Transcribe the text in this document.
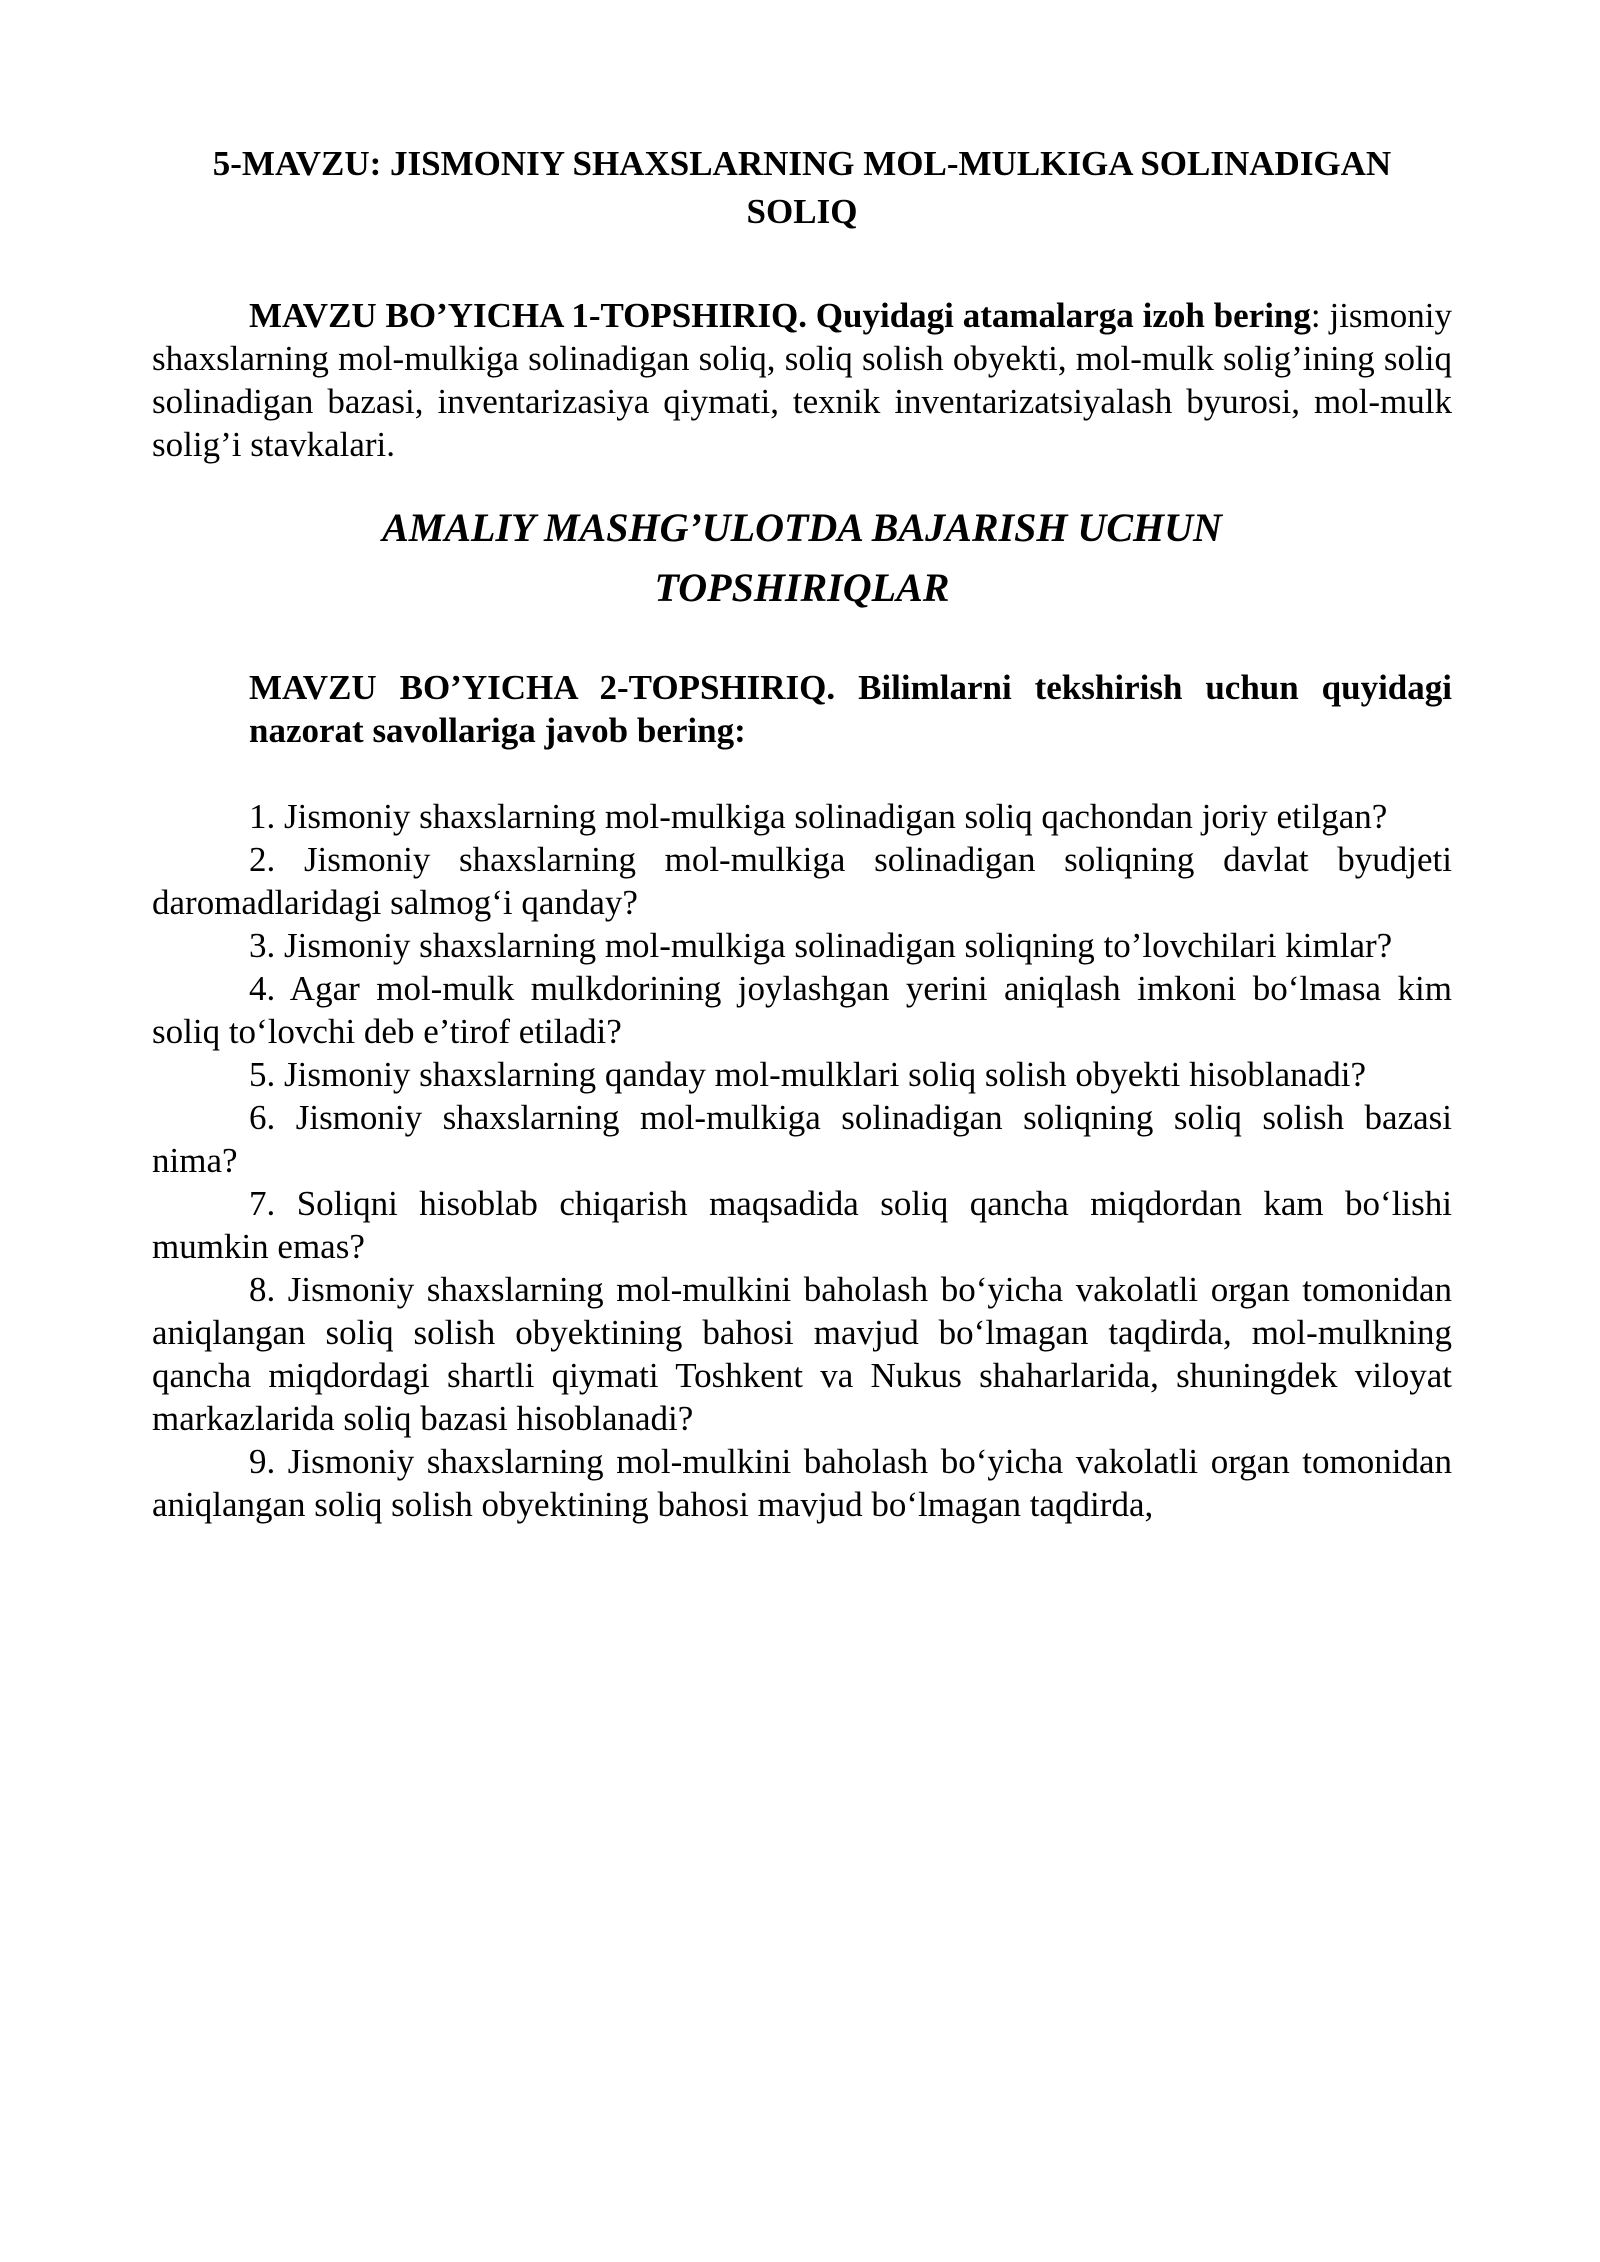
5-MAVZU: JISMONIY SHAXSLARNING MOL-MULKIGA SOLINADIGAN
SOLIQ
MAVZU BO’YICHA 1-TOPSHIRIQ. Quyidagi atamalarga izoh bering: jismoniy shaxslarning mol-mulkiga solinadigan soliq, soliq solish obyekti, mol-mulk solig’ining soliq solinadigan bazasi, inventarizasiya qiymati, texnik inventarizatsiyalash byurosi, mol-mulk solig’i stavkalari.
AMALIY MASHG’ULOTDA BAJARISH UCHUN
TOPSHIRIQLAR
MAVZU BO’YICHA 2-TOPSHIRIQ. Bilimlarni tekshirish uchun quyidagi nazorat savollariga javob bering:

1. Jismoniy shaxslarning mol-mulkiga solinadigan soliq qachondan joriy etilgan?

2. Jismoniy shaxslarning mol-mulkiga solinadigan soliqning davlat byudjeti daromadlaridagi salmog‘i qanday?

3. Jismoniy shaxslarning mol-mulkiga solinadigan soliqning to’lovchilari kimlar?

4. Agar mol-mulk mulkdorining joylashgan yerini aniqlash imkoni bo‘lmasa kim soliq to‘lovchi deb e’tirof etiladi?

5. Jismoniy shaxslarning qanday mol-mulklari soliq solish obyekti hisoblanadi?

6. Jismoniy shaxslarning mol-mulkiga solinadigan soliqning soliq solish bazasi nima?

7. Soliqni hisoblab chiqarish maqsadida soliq qancha miqdordan kam bo‘lishi mumkin emas?

8. Jismoniy shaxslarning mol-mulkini baholash bo‘yicha vakolatli organ tomonidan aniqlangan soliq solish obyektining bahosi mavjud bo‘lmagan taqdirda, mol-mulkning qancha miqdordagi shartli qiymati Toshkent va Nukus shaharlarida, shuningdek viloyat markazlarida soliq bazasi hisoblanadi?

9. Jismoniy shaxslarning mol-mulkini baholash bo‘yicha vakolatli organ tomonidan aniqlangan soliq solish obyektining bahosi mavjud bo‘lmagan taqdirda,
